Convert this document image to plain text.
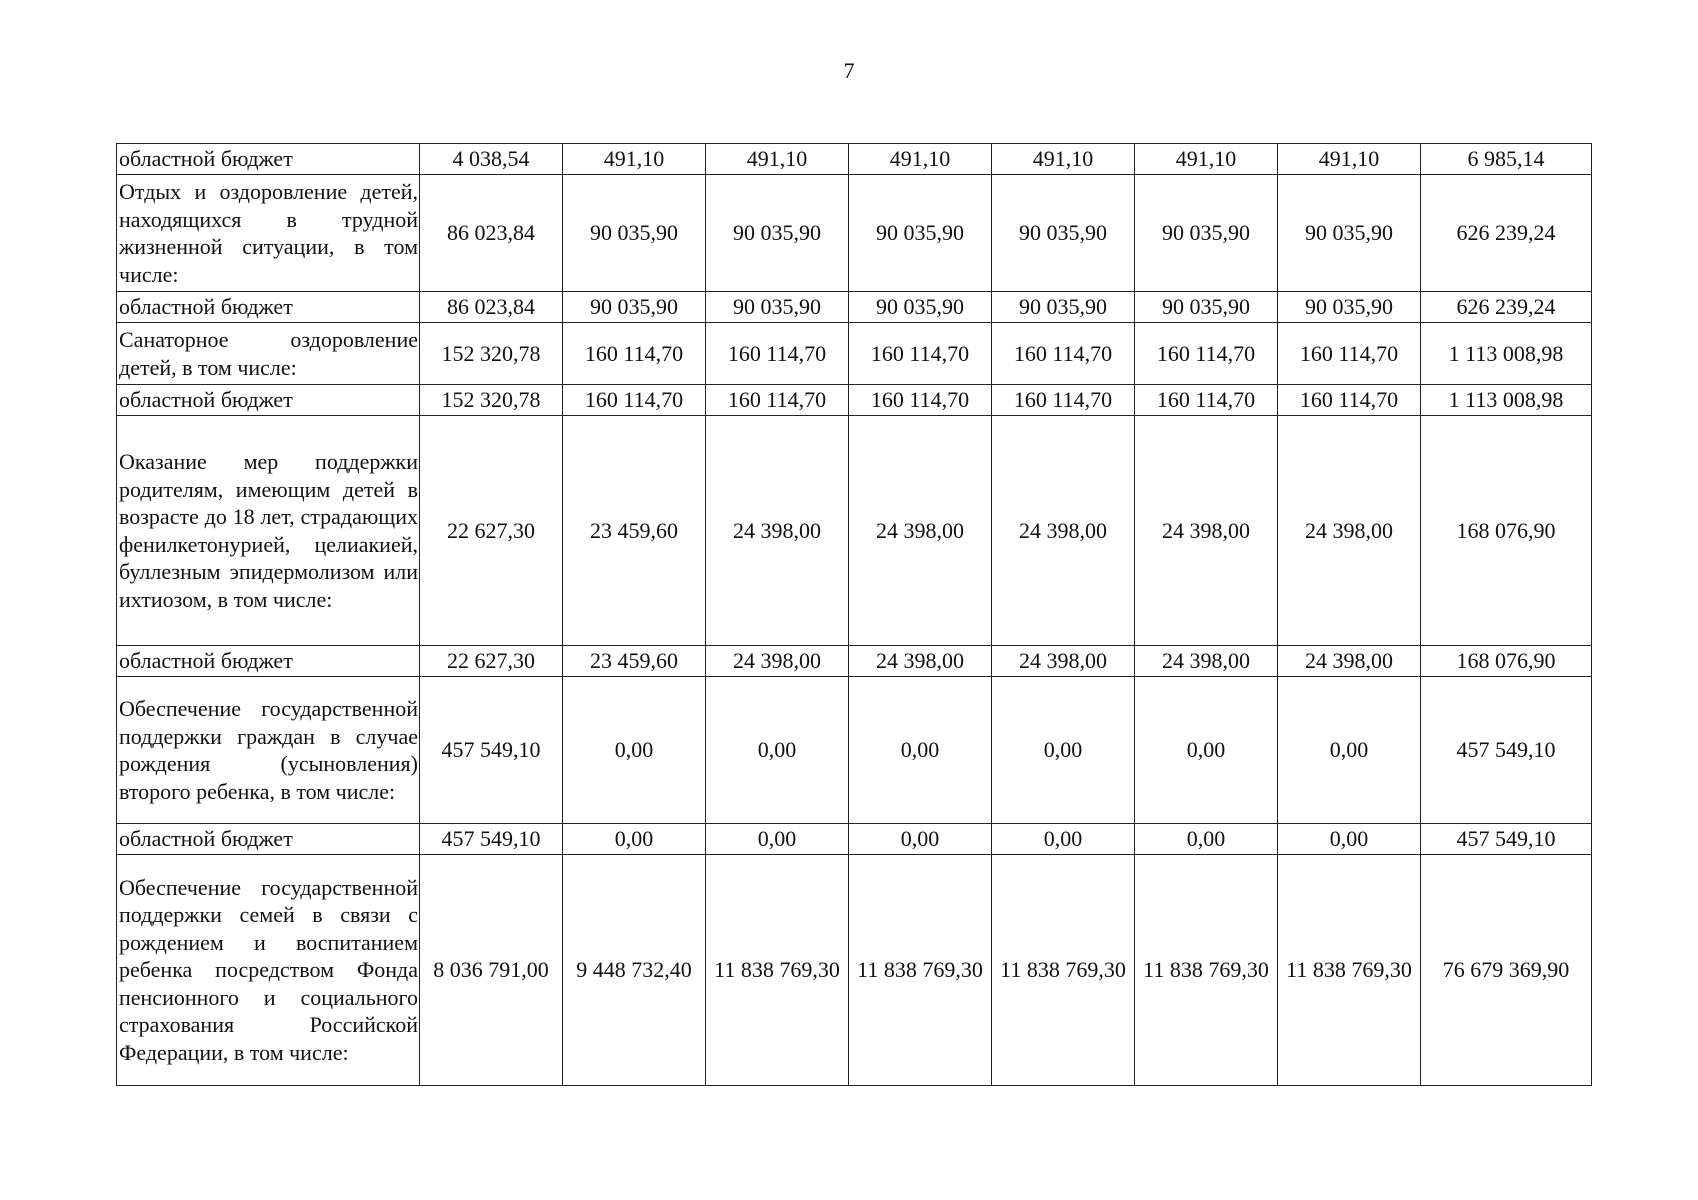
7
областной бюджет	4 038,54	491,10	491,10	491,10	491,10	491,10	491,10	6 985,14
Отдых и оздоровление детей, находящихся в трудной жизненной ситуации, в том числе:	86 023,84	90 035,90	90 035,90	90 035,90	90 035,90	90 035,90	90 035,90	626 239,24
областной бюджет	86 023,84	90 035,90	90 035,90	90 035,90	90 035,90	90 035,90	90 035,90	626 239,24
Санаторное оздоровление детей, в том числе:	152 320,78	160 114,70	160 114,70	160 114,70	160 114,70	160 114,70	160 114,70	1 113 008,98
областной бюджет	152 320,78	160 114,70	160 114,70	160 114,70	160 114,70	160 114,70	160 114,70	1 113 008,98
Оказание мер поддержки родителям, имеющим детей в возрасте до 18 лет, страдающих фенилкетонурией, целиакией, буллезным эпидермолизом или ихтиозом, в том числе:	22 627,30	23 459,60	24 398,00	24 398,00	24 398,00	24 398,00	24 398,00	168 076,90
областной бюджет	22 627,30	23 459,60	24 398,00	24 398,00	24 398,00	24 398,00	24 398,00	168 076,90
Обеспечение государственной поддержки граждан в случае рождения (усыновления) второго ребенка, в том числе:	457 549,10	0,00	0,00	0,00	0,00	0,00	0,00	457 549,10
областной бюджет	457 549,10	0,00	0,00	0,00	0,00	0,00	0,00	457 549,10
Обеспечение государственной поддержки семей в связи с рождением и воспитанием ребенка посредством Фонда пенсионного и социального страхования Российской Федерации, в том числе:	8 036 791,00	9 448 732,40	11 838 769,30	11 838 769,30	11 838 769,30	11 838 769,30	11 838 769,30	76 679 369,90
